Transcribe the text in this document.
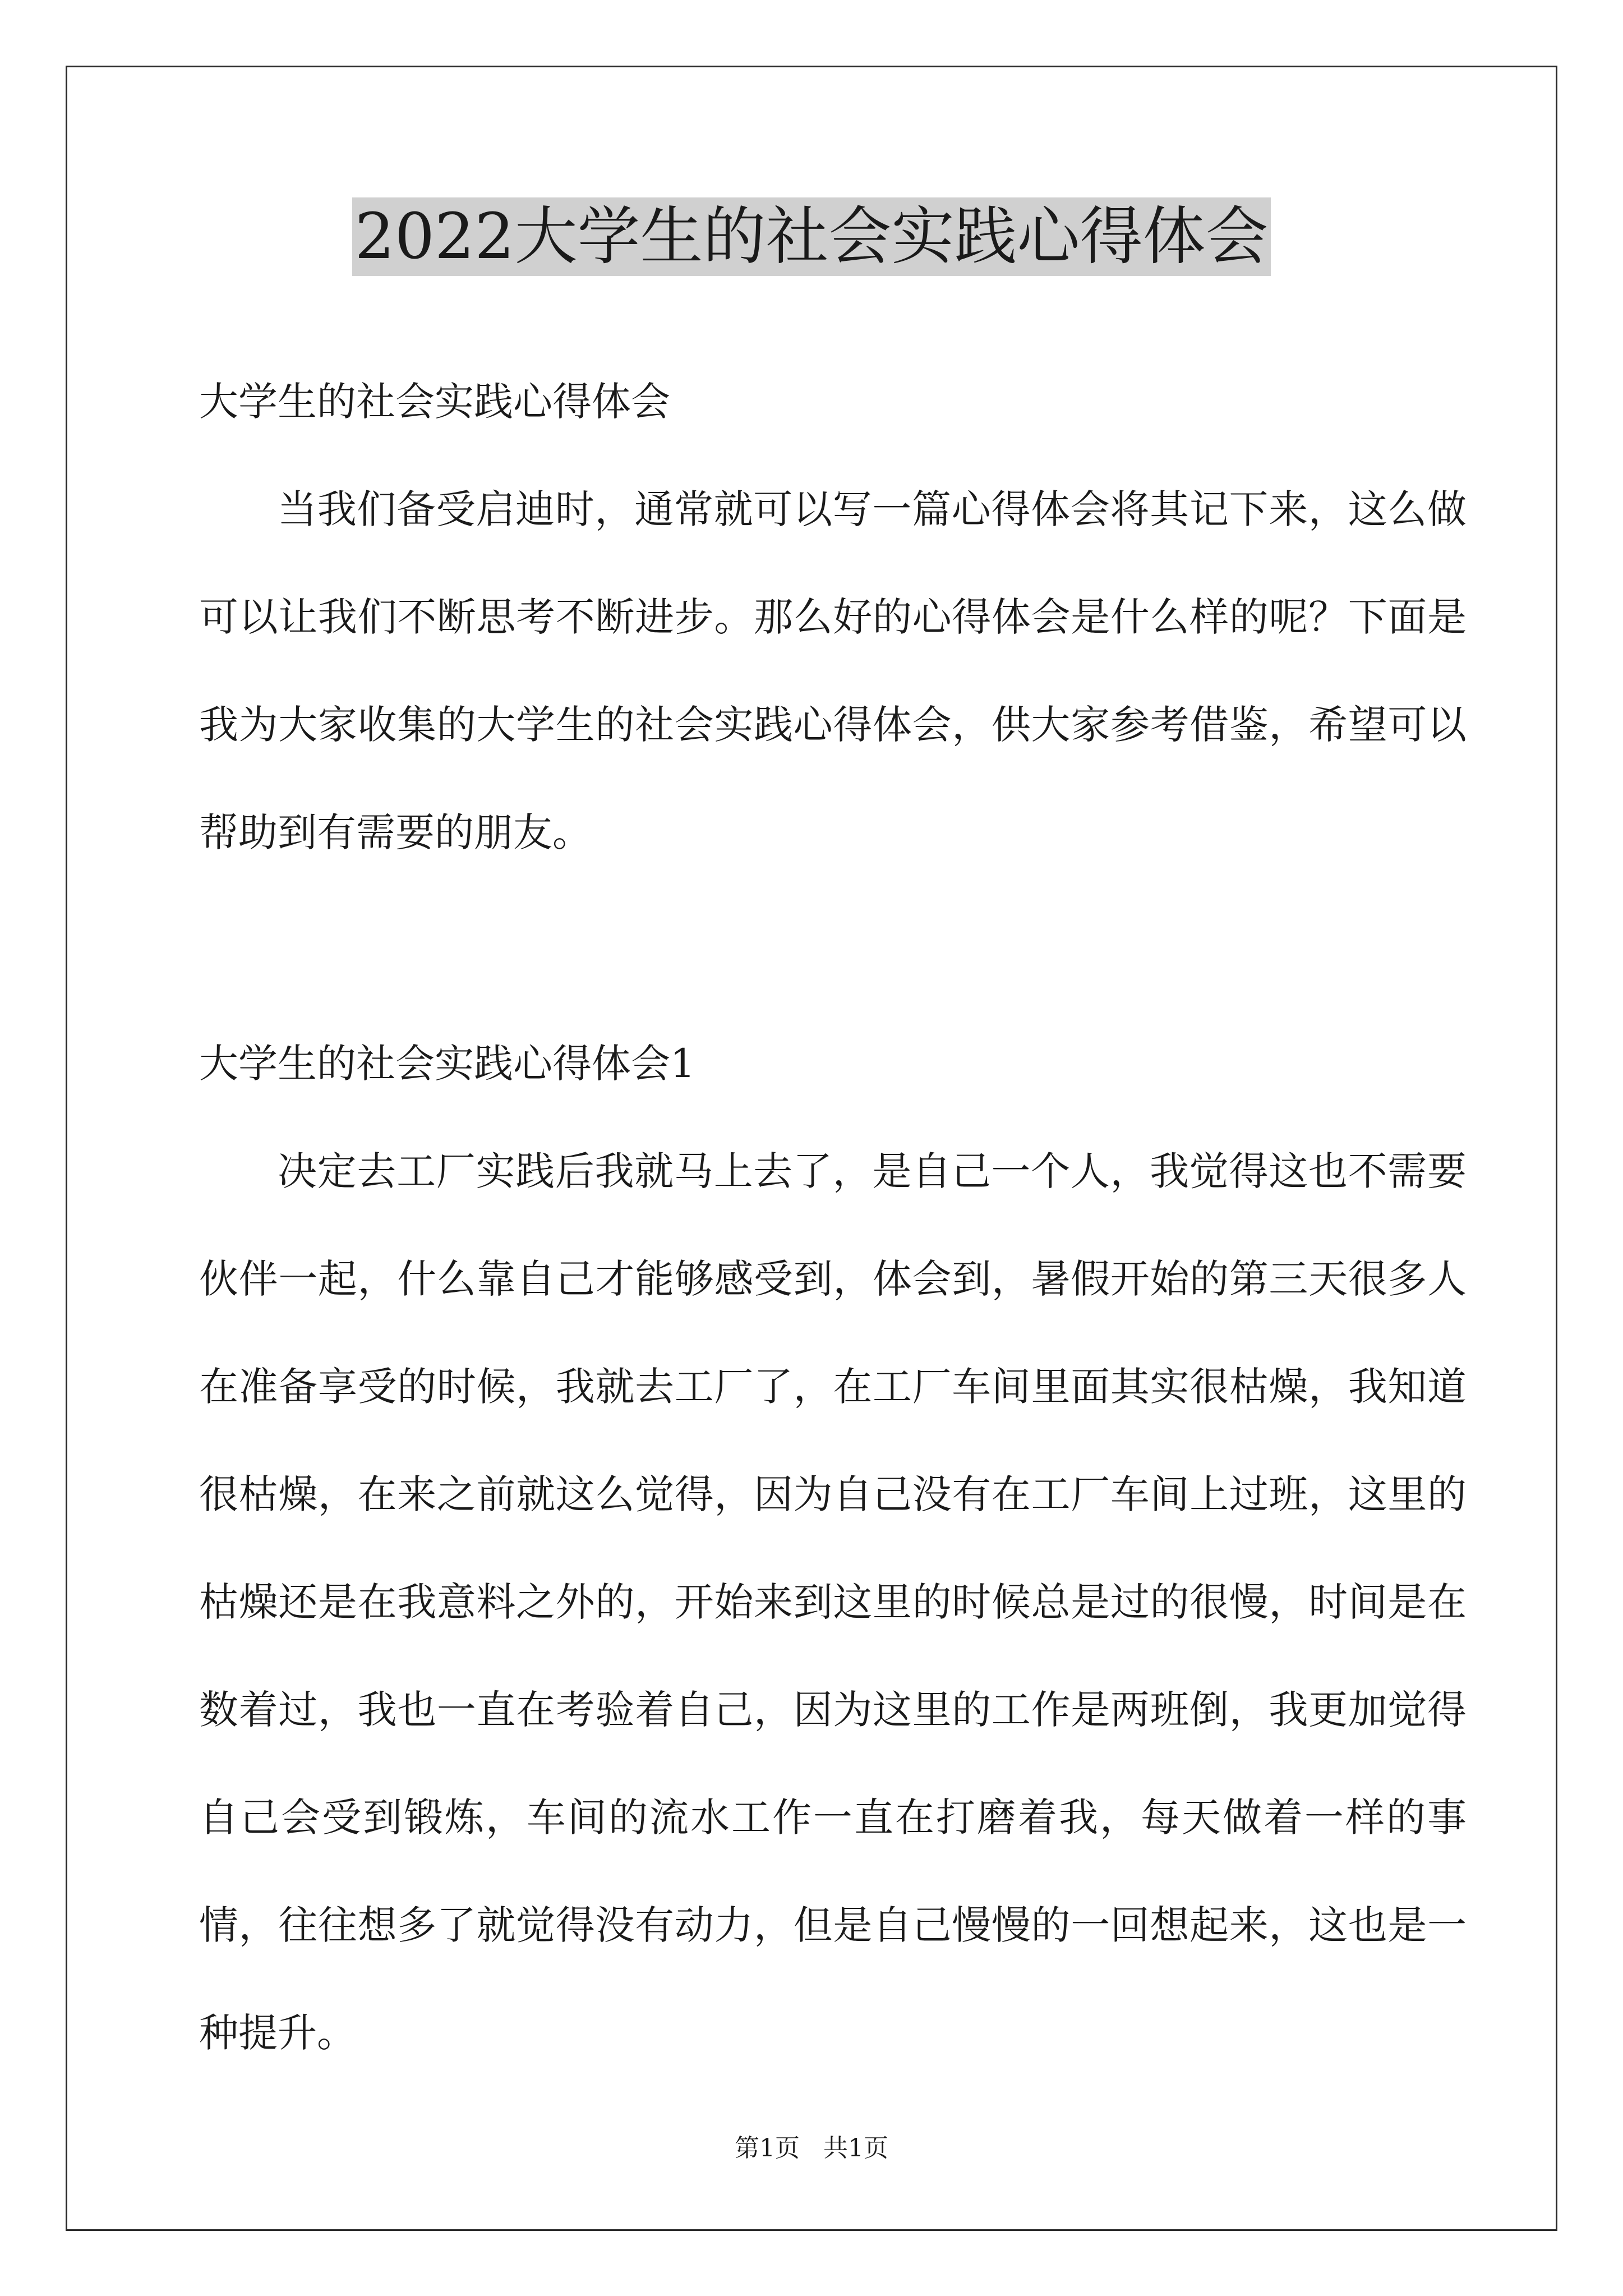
2022大学生的社会实践心得体会

大学生的社会实践心得体会

当我们备受启迪时，通常就可以写一篇心得体会将其记下来，这么做可以让我们不断思考不断进步。那么好的心得体会是什么样的呢？下面是我为大家收集的大学生的社会实践心得体会，供大家参考借鉴，希望可以帮助到有需要的朋友。

大学生的社会实践心得体会1

决定去工厂实践后我就马上去了，是自己一个人，我觉得这也不需要伙伴一起，什么靠自己才能够感受到，体会到，暑假开始的第三天很多人在准备享受的时候，我就去工厂了，在工厂车间里面其实很枯燥，我知道很枯燥，在来之前就这么觉得，因为自己没有在工厂车间上过班，这里的枯燥还是在我意料之外的，开始来到这里的时候总是过的很慢，时间是在数着过，我也一直在考验着自己，因为这里的工作是两班倒，我更加觉得自己会受到锻炼，车间的流水工作一直在打磨着我，每天做着一样的事情，往往想多了就觉得没有动力，但是自己慢慢的一回想起来，这也是一种提升。

第1页   共1页
